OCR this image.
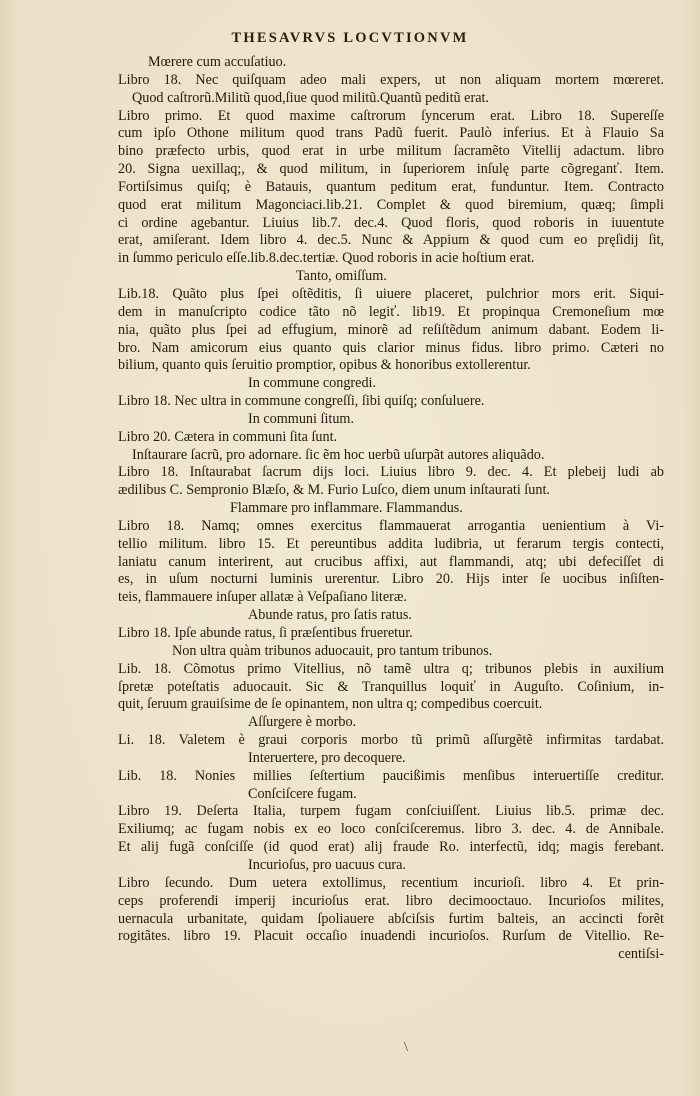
THESAVRVS LOCVTIONVM
Mœrere cum accuſatiuo.
Libro 18. Nec quiſquam adeo mali expers, ut non aliquam mortem mœreret.
Quod caſtrorũ.Militũ quod,ſiue quod militũ.Quantũ peditũ erat.
Libro primo. Et quod maxime caſtrorum ſyncerum erat. Libro 18. Supereſſe
cum ipſo Othone militum quod trans Padũ fuerit. Paulò inferius. Et à Flauio Sa
bino præfecto urbis, quod erat in urbe militum ſacramẽto Vitellij adactum. libro
20. Signa uexillaq;, & quod militum, in ſuperiorem inſulę parte cõgreganť. Item.
Fortiſsimus quiſq; è Batauis, quantum peditum erat, funduntur. Item. Contracto
quod erat militum Magonciaci.lib.21. Complet & quod biremium, quæq; ſimpli
ci ordine agebantur. Liuius lib.7. dec.4. Quod floris, quod roboris in iuuentute
erat, amiſerant. Idem libro 4. dec.5. Nunc & Appium & quod cum eo pręſidij ſit,
in ſummo periculo eſſe.lib.8.dec.tertiæ. Quod roboris in acie hoſtium erat.
Tanto, omiſſum.
Lib.18. Quãto plus ſpei oſtẽditis, ſi uiuere placeret, pulchrior mors erit. Siqui-
dem in manuſcripto codice tãto nõ legiť. lib19. Et propinqua Cremoneſium mœ
nia, quãto plus ſpei ad effugium, minorẽ ad reſiſtẽdum animum dabant. Eodem li-
bro. Nam amicorum eius quanto quis clarior minus fidus. libro primo. Cæteri no
bilium, quanto quis ſeruitio promptior, opibus & honoribus extollerentur.
In commune congredi.
Libro 18. Nec ultra in commune congreſſi, ſibi quiſq; conſuluere.
In communi ſitum.
Libro 20. Cætera in communi ſita ſunt.
Inſtaurare ſacrũ, pro adornare. ſic ẽm hoc uerbũ uſurpãt autores aliquãdo.
Libro 18. Inſtaurabat ſacrum dijs loci. Liuius libro 9. dec. 4. Et plebeij ludi ab
ædilibus C. Sempronio Blæſo, & M. Furio Luſco, diem unum inſtaurati ſunt.
Flammare pro inflammare. Flammandus.
Libro 18. Namq; omnes exercitus flammauerat arrogantia uenientium à Vi-
tellio militum. libro 15. Et pereuntibus addita ludibria, ut ferarum tergis contecti,
laniatu canum interirent, aut crucibus affixi, aut flammandi, atq; ubi defeciſſet di
es, in uſum nocturni luminis urerentur. Libro 20. Hijs inter ſe uocibus inſiſten-
teis, flammauere inſuper allatæ à Veſpaſiano literæ.
Abunde ratus, pro ſatis ratus.
Libro 18. Ipſe abunde ratus, ſi præſentibus frueretur.
Non ultra quàm tribunos aduocauit, pro tantum tribunos.
Lib. 18. Cõmotus primo Vitellius, nõ tamẽ ultra q; tribunos plebis in auxilium
ſpretæ poteſtatis aduocauit. Sic & Tranquillus loquiť in Auguſto. Coſinium, in-
quit, ſeruum grauiſsime de ſe opinantem, non ultra q; compedibus coercuit.
Aſſurgere è morbo.
Li. 18. Valetem è graui corporis morbo tũ primũ aſſurgẽtẽ infirmitas tardabat.
Interuertere, pro decoquere.
Lib. 18. Nonies millies ſeſtertium paucißimis menſibus interuertiſſe creditur.
Conſciſcere fugam.
Libro 19. Deſerta Italia, turpem fugam conſciuiſſent. Liuius lib.5. primæ dec.
Exiliumq; ac fugam nobis ex eo loco conſciſceremus. libro 3. dec. 4. de Annibale.
Et alij fugã conſciſſe (id quod erat) alij fraude Ro. interfectũ, idq; magis ferebant.
Incurioſus, pro uacuus cura.
Libro ſecundo. Dum uetera extollimus, recentium incurioſi. libro 4. Et prin-
ceps proferendi imperij incurioſus erat. libro decimooctauo. Incurioſos milites,
uernacula urbanitate, quidam ſpoliauere abſciſsis furtim balteis, an accincti forẽt
rogitãtes. libro 19. Placuit occaſio inuadendi incurioſos. Rurſum de Vitellio. Re-
centiſsi-
\
